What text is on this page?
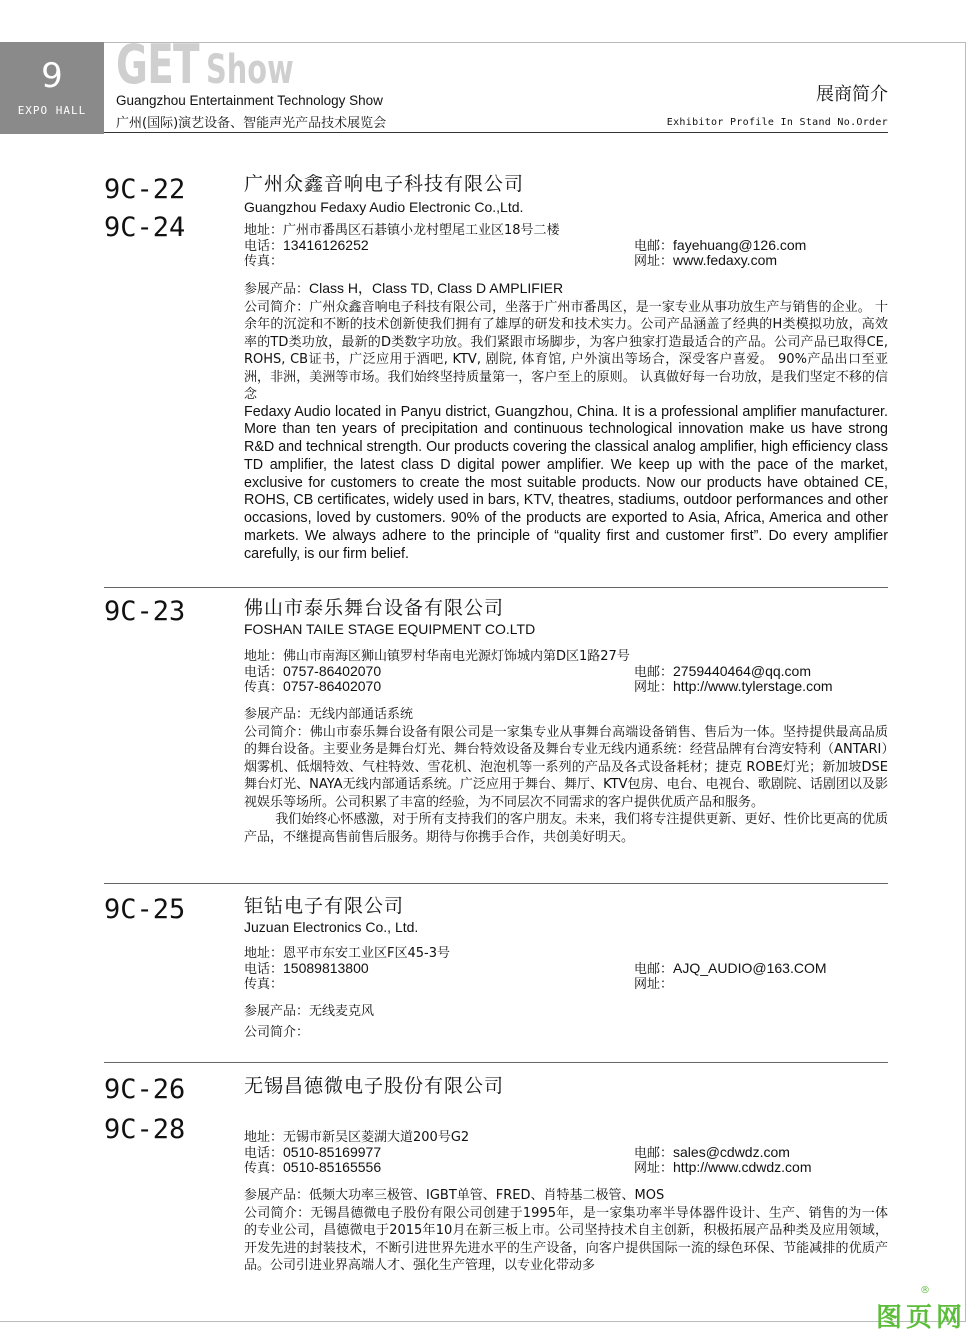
9
EXPO HALL
GET Show
Guangzhou Entertainment Technology Show
广州(国际)演艺设备、智能声光产品技术展览会
展商简介
Exhibitor Profile In Stand No.Order
9C-22
9C-24
广州众鑫音响电子科技有限公司
Guangzhou Fedaxy Audio Electronic Co.,Ltd.
地址：广州市番禺区石碁镇小龙村塱尾工业区18号二楼
电话：13416126252	电邮：fayehuang@126.com
传真：	网址：www.fedaxy.com
参展产品：Class H，Class TD, Class D AMPLIFIER
公司简介：广州众鑫音响电子科技有限公司，坐落于广州市番禺区，是一家专业从事功放生产与销售的企业。 十余年的沉淀和不断的技术创新使我们拥有了雄厚的研发和技术实力。公司产品涵盖了经典的H类模拟功放，高效率的TD类功放，最新的D类数字功放。我们紧跟市场脚步，为客户独家打造最适合的产品。公司产品已取得CE, ROHS, CB证书，广泛应用于酒吧, KTV, 剧院, 体育馆, 户外演出等场合，深受客户喜爱。 90%产品出口至亚洲，非洲，美洲等市场。我们始终坚持质量第一，客户至上的原则。 认真做好每一台功放，是我们坚定不移的信念
Fedaxy Audio located in Panyu district, Guangzhou, China. It is a professional amplifier manufacturer. More than ten years of precipitation and continuous technological innovation make us have strong R&D and technical strength. Our products covering the classical analog amplifier, high efficiency class TD amplifier, the latest class D digital power amplifier. We keep up with the pace of the market, exclusive for customers to create the most suitable products. Now our products have obtained CE, ROHS, CB certificates, widely used in bars, KTV, theatres, stadiums, outdoor performances and other occasions, loved by customers. 90% of the products are exported to Asia, Africa, America and other markets. We always adhere to the principle of “quality first and customer first”. Do every amplifier carefully, is our firm belief.
9C-23	佛山市泰乐舞台设备有限公司
FOSHAN TAILE STAGE EQUIPMENT CO.LTD
地址：佛山市南海区狮山镇罗村华南电光源灯饰城内第D区1路27号
电话：0757-86402070	电邮：2759440464@qq.com
传真：0757-86402070	网址：http://www.tylerstage.com
参展产品：无线内部通话系统
公司简介：佛山市泰乐舞台设备有限公司是一家集专业从事舞台高端设备销售、售后为一体。坚持提供最高品质的舞台设备。主要业务是舞台灯光、舞台特效设备及舞台专业无线内通系统：经营品牌有台湾安特利（ANTARI）烟雾机、低烟特效、气柱特效、雪花机、泡泡机等一系列的产品及各式设备耗材；捷克 ROBE灯光；新加坡DSE舞台灯光、NAYA无线内部通话系统。广泛应用于舞台、舞厅、KTV包房、电台、电视台、歌剧院、话剧团以及影视娱乐等场所。公司积累了丰富的经验，为不同层次不同需求的客户提供优质产品和服务。
我们始终心怀感激，对于所有支持我们的客户朋友。未来，我们将专注提供更新、更好、性价比更高的优质产品，不继提高售前售后服务。期待与你携手合作，共创美好明天。
9C-25	钜钻电子有限公司
Juzuan Electronics Co., Ltd.
地址：恩平市东安工业区F区45-3号
电话：15089813800	电邮：AJQ_AUDIO@163.COM
传真：	网址：
参展产品：无线麦克风
公司简介：
9C-26
9C-28
无锡昌德微电子股份有限公司
地址：无锡市新吴区菱湖大道200号G2
电话：0510-85169977	电邮：sales@cdwdz.com
传真：0510-85165556	网址：http://www.cdwdz.com
参展产品：低频大功率三极管、IGBT单管、FRED、肖特基二极管、MOS
公司简介：无锡昌德微电子股份有限公司创建于1995年，是一家集功率半导体器件设计、生产、销售的为一体的专业公司，昌德微电于2015年10月在新三板上市。公司坚持技术自主创新，积极拓展产品种类及应用领域，开发先进的封装技术，不断引进世界先进水平的生产设备，向客户提供国际一流的绿色环保、节能减排的优质产品。公司引进业界高端人才、强化生产管理，以专业化带动多
®
图页网
